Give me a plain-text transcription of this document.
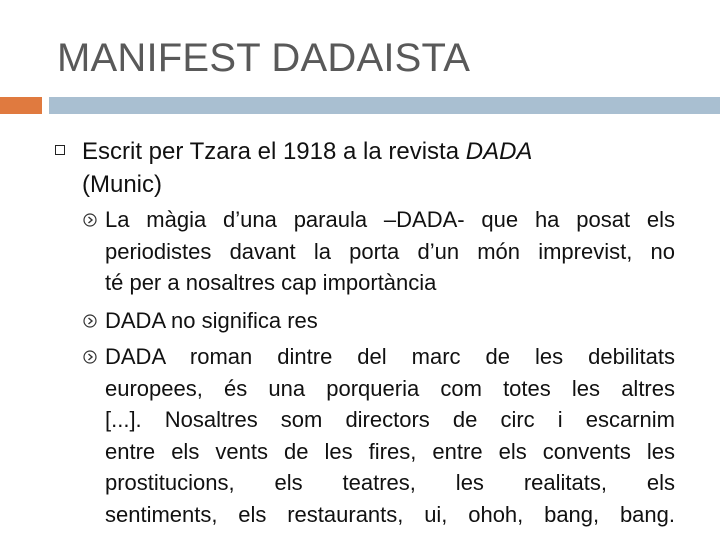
MANIFEST DADAISTA
Escrit per Tzara el 1918 a la revista DADA
(Munic)
La màgia d’una paraula –DADA- que ha posat els
periodistes davant la porta d’un món imprevist, no
té per a nosaltres cap importància
DADA no significa res
DADA roman dintre del marc de les debilitats
europees, és una porqueria com totes les altres
[...]. Nosaltres som directors de circ i escarnim
entre els vents de les fires, entre els convents les
prostitucions, els teatres, les realitats, els
sentiments, els restaurants, ui, ohoh, bang, bang.
